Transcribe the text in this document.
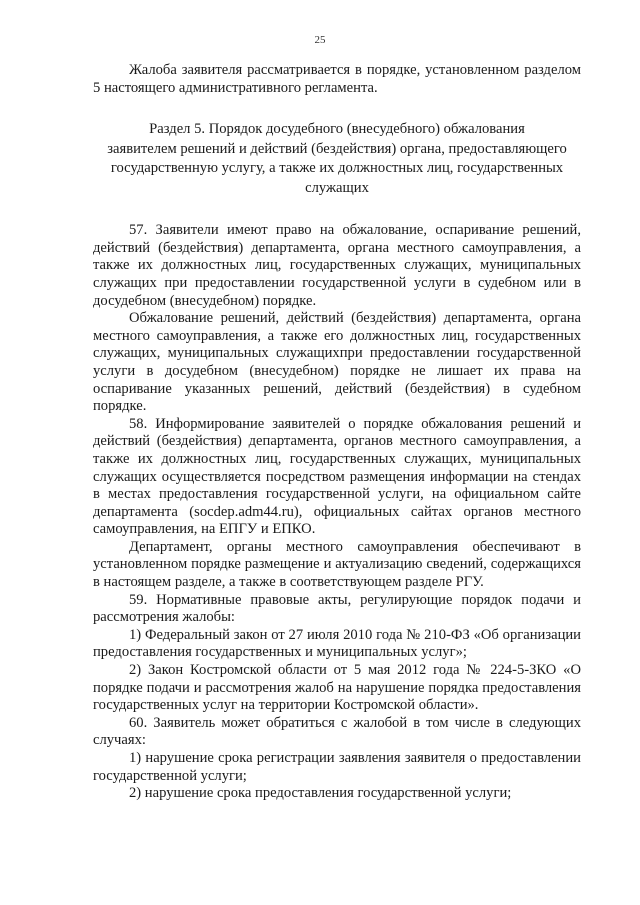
25

Жалоба заявителя рассматривается в порядке, установленном разделом 5 настоящего административного регламента.

Раздел 5. Порядок досудебного (внесудебного) обжалования
заявителем решений и действий (бездействия) органа, предоставляющего
государственную услугу, а также их должностных лиц, государственных
служащих

57. Заявители имеют право на обжалование, оспаривание решений, действий (бездействия) департамента, органа местного самоуправления, а также их должностных лиц, государственных служащих, муниципальных служащих при предоставлении государственной услуги в судебном или в досудебном (внесудебном) порядке.

Обжалование решений, действий (бездействия) департамента, органа местного самоуправления, а также его должностных лиц, государственных служащих, муниципальных служащихпри предоставлении государственной услуги в досудебном (внесудебном) порядке не лишает их права на оспаривание указанных решений, действий (бездействия) в судебном порядке.

58. Информирование заявителей о порядке обжалования решений и действий (бездействия) департамента, органов местного самоуправления, а также их должностных лиц, государственных служащих, муниципальных служащих осуществляется посредством размещения информации на стендах в местах предоставления государственной услуги, на официальном сайте департамента (socdep.adm44.ru), официальных сайтах органов местного самоуправления, на ЕПГУ и ЕПКО.

Департамент, органы местного самоуправления обеспечивают в установленном порядке размещение и актуализацию сведений, содержащихся в настоящем разделе, а также в соответствующем разделе РГУ.

59. Нормативные правовые акты, регулирующие порядок подачи и рассмотрения жалобы:

1) Федеральный закон от 27 июля 2010 года № 210-ФЗ «Об организации предоставления государственных и муниципальных услуг»;

2) Закон Костромской области от 5 мая 2012 года № 224-5-ЗКО «О порядке подачи и рассмотрения жалоб на нарушение порядка предоставления государственных услуг на территории Костромской области».

60. Заявитель может обратиться с жалобой в том числе в следующих случаях:

1) нарушение срока регистрации заявления заявителя о предоставлении государственной услуги;

2) нарушение срока предоставления государственной услуги;
